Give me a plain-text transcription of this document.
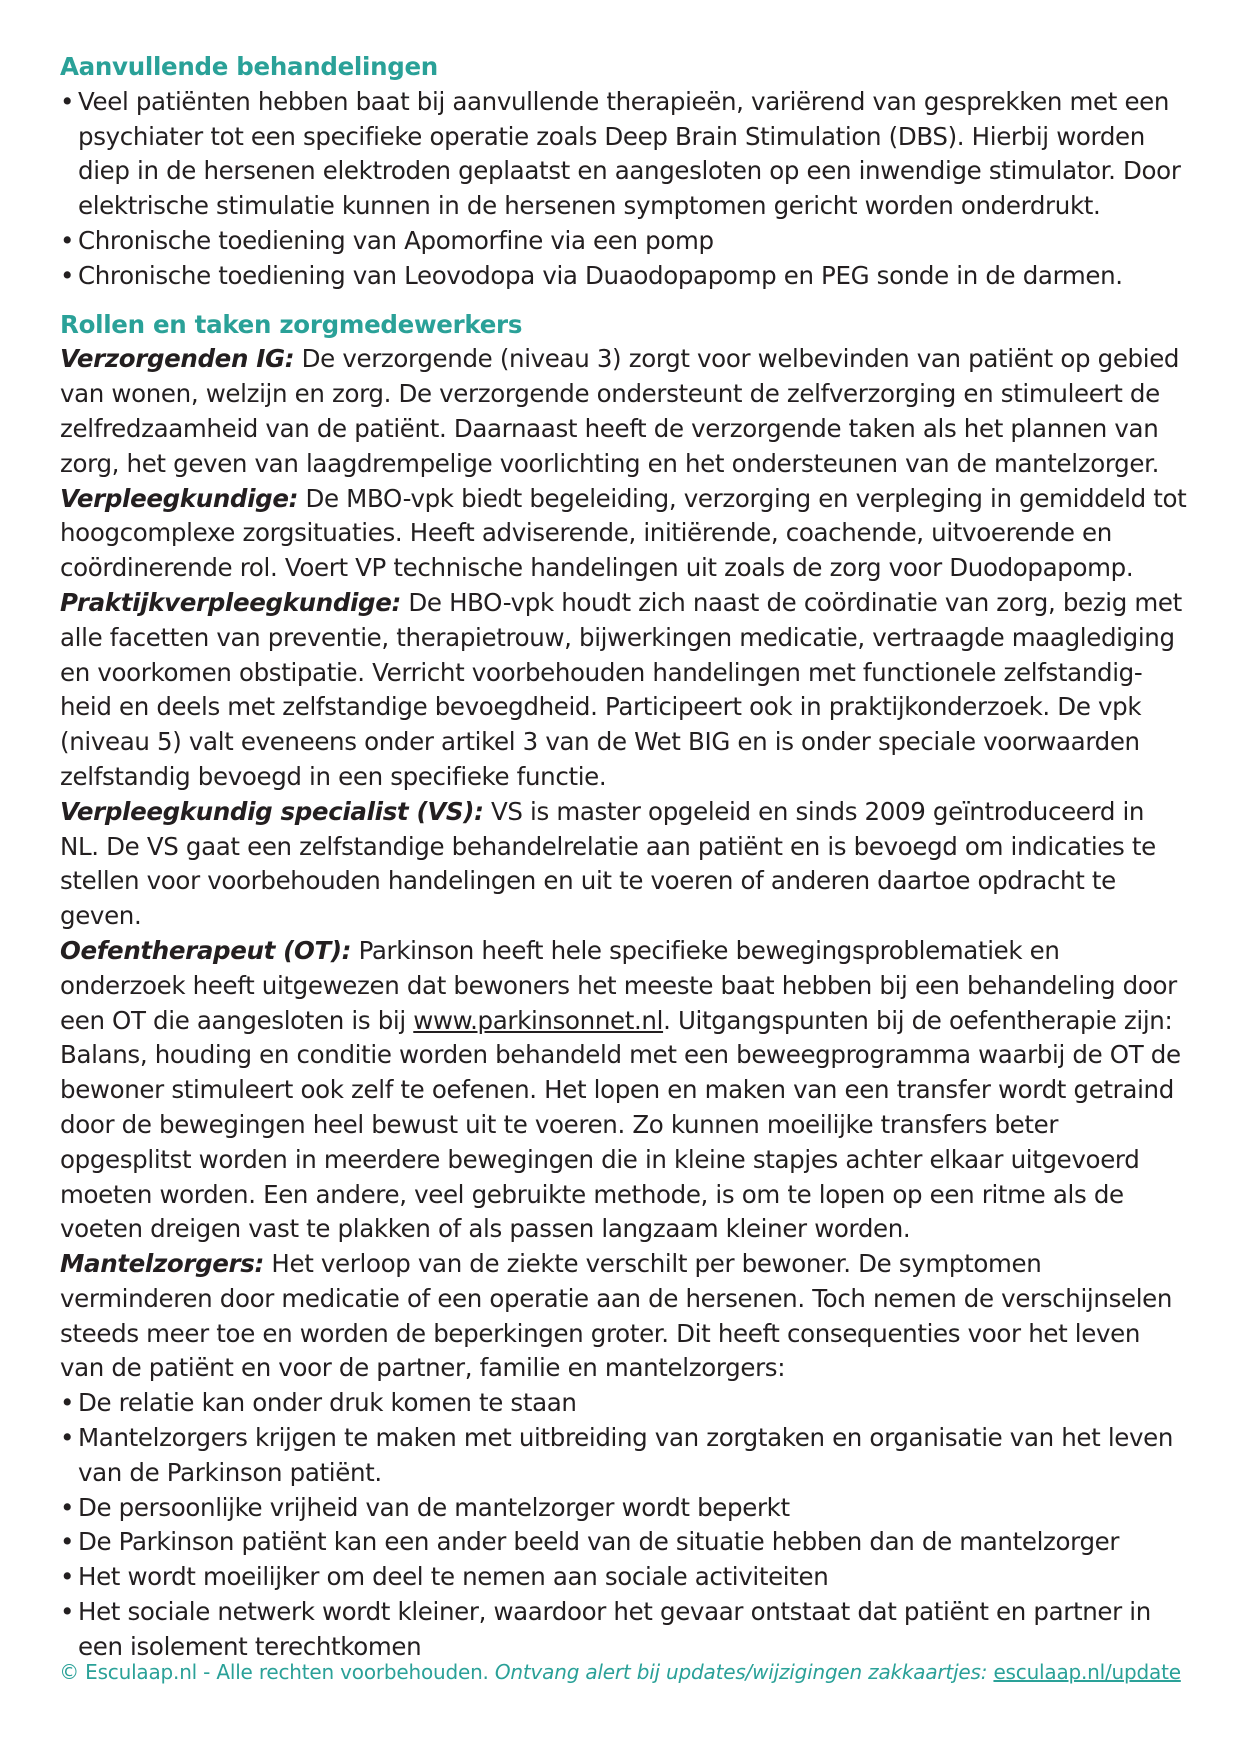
Aanvullende behandelingen
• Veel patiënten hebben baat bij aanvullende therapieën, variërend van gesprekken met een psychiater tot een specifieke operatie zoals Deep Brain Stimulation (DBS). Hierbij worden diep in de hersenen elektroden geplaatst en aangesloten op een inwendige stimulator. Door elektrische stimulatie kunnen in de hersenen symptomen gericht worden onderdrukt.
• Chronische toediening van Apomorfine via een pomp
• Chronische toediening van Leovodopa via Duaodopapomp en PEG sonde in de darmen.
Rollen en taken zorgmedewerkers
Verzorgenden IG: De verzorgende (niveau 3) zorgt voor welbevinden van patiënt op gebied van wonen, welzijn en zorg. De verzorgende ondersteunt de zelfverzorging en stimuleert de zelfredzaamheid van de patiënt. Daarnaast heeft de verzorgende taken als het plannen van zorg, het geven van laagdrempelige voorlichting en het ondersteunen van de mantelzorger.
Verpleegkundige: De MBO-vpk biedt begeleiding, verzorging en verpleging in gemiddeld tot hoogcomplexe zorgsituaties. Heeft adviserende, initiërende, coachende, uitvoerende en coördinerende rol. Voert VP technische handelingen uit zoals de zorg voor Duodopapomp.
Praktijkverpleegkundige: De HBO-vpk houdt zich naast de coördinatie van zorg, bezig met alle facetten van preventie, therapietrouw, bijwerkingen medicatie, vertraagde maaglediging en voorkomen obstipatie. Verricht voorbehouden handelingen met functionele zelfstandig-heid en deels met zelfstandige bevoegdheid. Participeert ook in praktijkonderzoek. De vpk (niveau 5) valt eveneens onder artikel 3 van de Wet BIG en is onder speciale voorwaarden zelfstandig bevoegd in een specifieke functie.
Verpleegkundig specialist (VS): VS is master opgeleid en sinds 2009 geïntroduceerd in NL. De VS gaat een zelfstandige behandelrelatie aan patiënt en is bevoegd om indicaties te stellen voor voorbehouden handelingen en uit te voeren of anderen daartoe opdracht te geven.
Oefentherapeut (OT): Parkinson heeft hele specifieke bewegingsproblematiek en onderzoek heeft uitgewezen dat bewoners het meeste baat hebben bij een behandeling door een OT die aangesloten is bij www.parkinsonnet.nl. Uitgangspunten bij de oefentherapie zijn: Balans, houding en conditie worden behandeld met een beweegprogramma waarbij de OT de bewoner stimuleert ook zelf te oefenen. Het lopen en maken van een transfer wordt getraind door de bewegingen heel bewust uit te voeren. Zo kunnen moeilijke transfers beter opgesplitst worden in meerdere bewegingen die in kleine stapjes achter elkaar uitgevoerd moeten worden. Een andere, veel gebruikte methode, is om te lopen op een ritme als de voeten dreigen vast te plakken of als passen langzaam kleiner worden.
Mantelzorgers: Het verloop van de ziekte verschilt per bewoner. De symptomen verminderen door medicatie of een operatie aan de hersenen. Toch nemen de verschijnselen steeds meer toe en worden de beperkingen groter. Dit heeft consequenties voor het leven van de patiënt en voor de partner, familie en mantelzorgers:
• De relatie kan onder druk komen te staan
• Mantelzorgers krijgen te maken met uitbreiding van zorgtaken en organisatie van het leven van de Parkinson patiënt.
• De persoonlijke vrijheid van de mantelzorger wordt beperkt
• De Parkinson patiënt kan een ander beeld van de situatie hebben dan de mantelzorger
• Het wordt moeilijker om deel te nemen aan sociale activiteiten
• Het sociale netwerk wordt kleiner, waardoor het gevaar ontstaat dat patiënt en partner in een isolement terechtkomen
© Esculaap.nl - Alle rechten voorbehouden. Ontvang alert bij updates/wijzigingen zakkaartjes: esculaap.nl/update
